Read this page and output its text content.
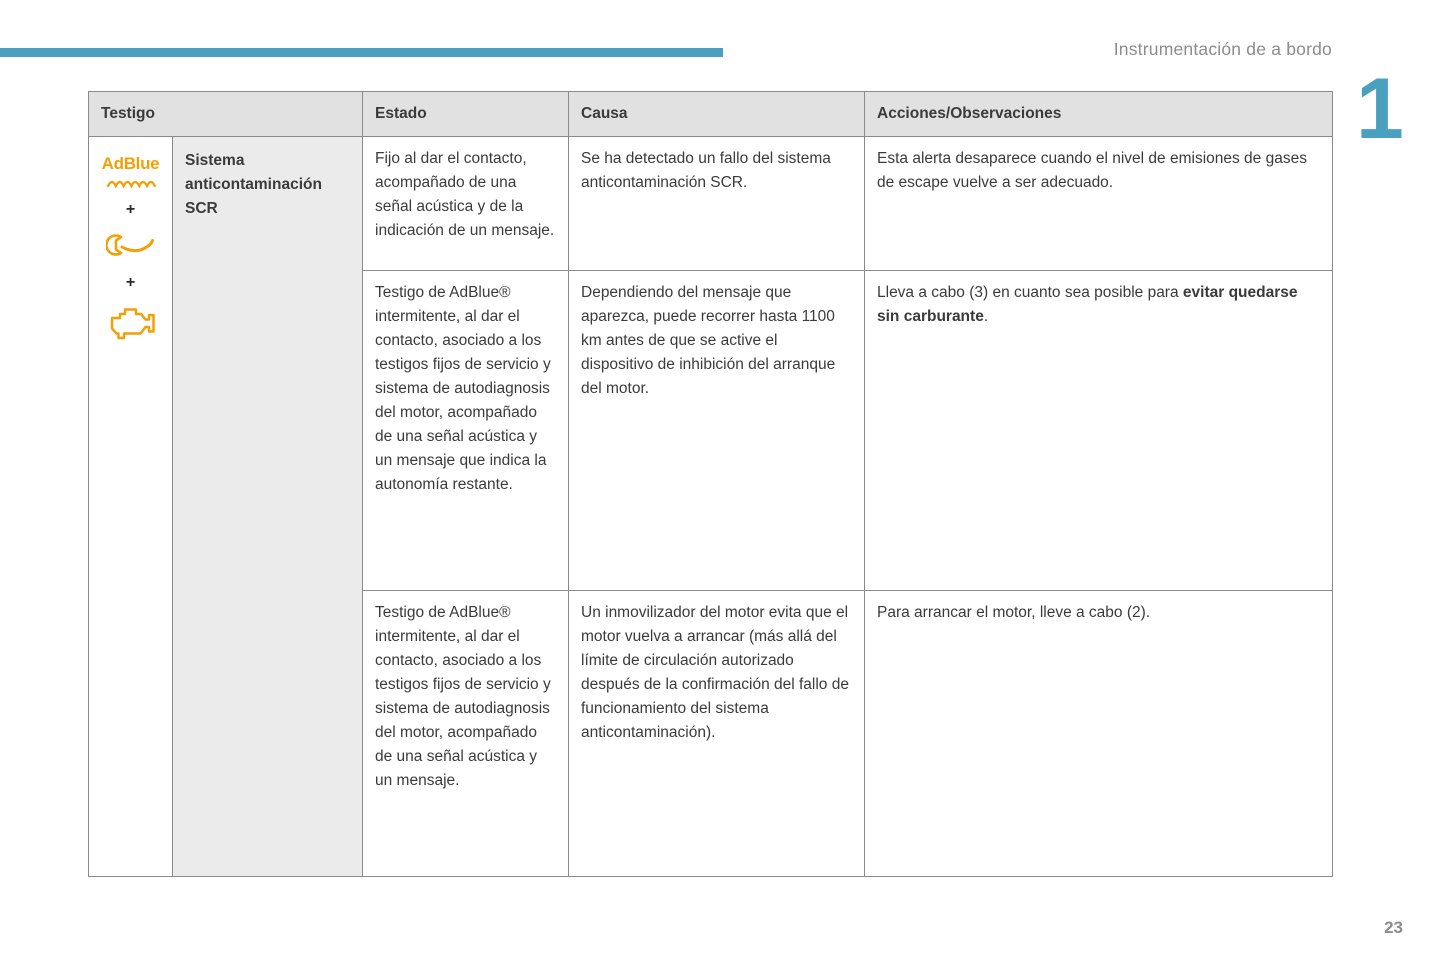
Instrumentación de a bordo
1
Testigo		Estado	Causa	Acciones/Observaciones

AdBlue
+
+	Sistema anticontaminación SCR	Fijo al dar el contacto, acompañado de una señal acústica y de la indicación de un mensaje.	Se ha detectado un fallo del sistema anticontaminación SCR.	Esta alerta desaparece cuando el nivel de emisiones de gases de escape vuelve a ser adecuado.
		Testigo de AdBlue® intermitente, al dar el contacto, asociado a los testigos fijos de servicio y sistema de autodiagnosis del motor, acompañado de una señal acústica y un mensaje que indica la autonomía restante.	Dependiendo del mensaje que aparezca, puede recorrer hasta 1100 km antes de que se active el dispositivo de inhibición del arranque del motor.	Lleva a cabo (3) en cuanto sea posible para evitar quedarse sin carburante.
		Testigo de AdBlue® intermitente, al dar el contacto, asociado a los testigos fijos de servicio y sistema de autodiagnosis del motor, acompañado de una señal acústica y un mensaje.	Un inmovilizador del motor evita que el motor vuelva a arrancar (más allá del límite de circulación autorizado después de la confirmación del fallo de funcionamiento del sistema anticontaminación).	Para arrancar el motor, lleve a cabo (2).
23
